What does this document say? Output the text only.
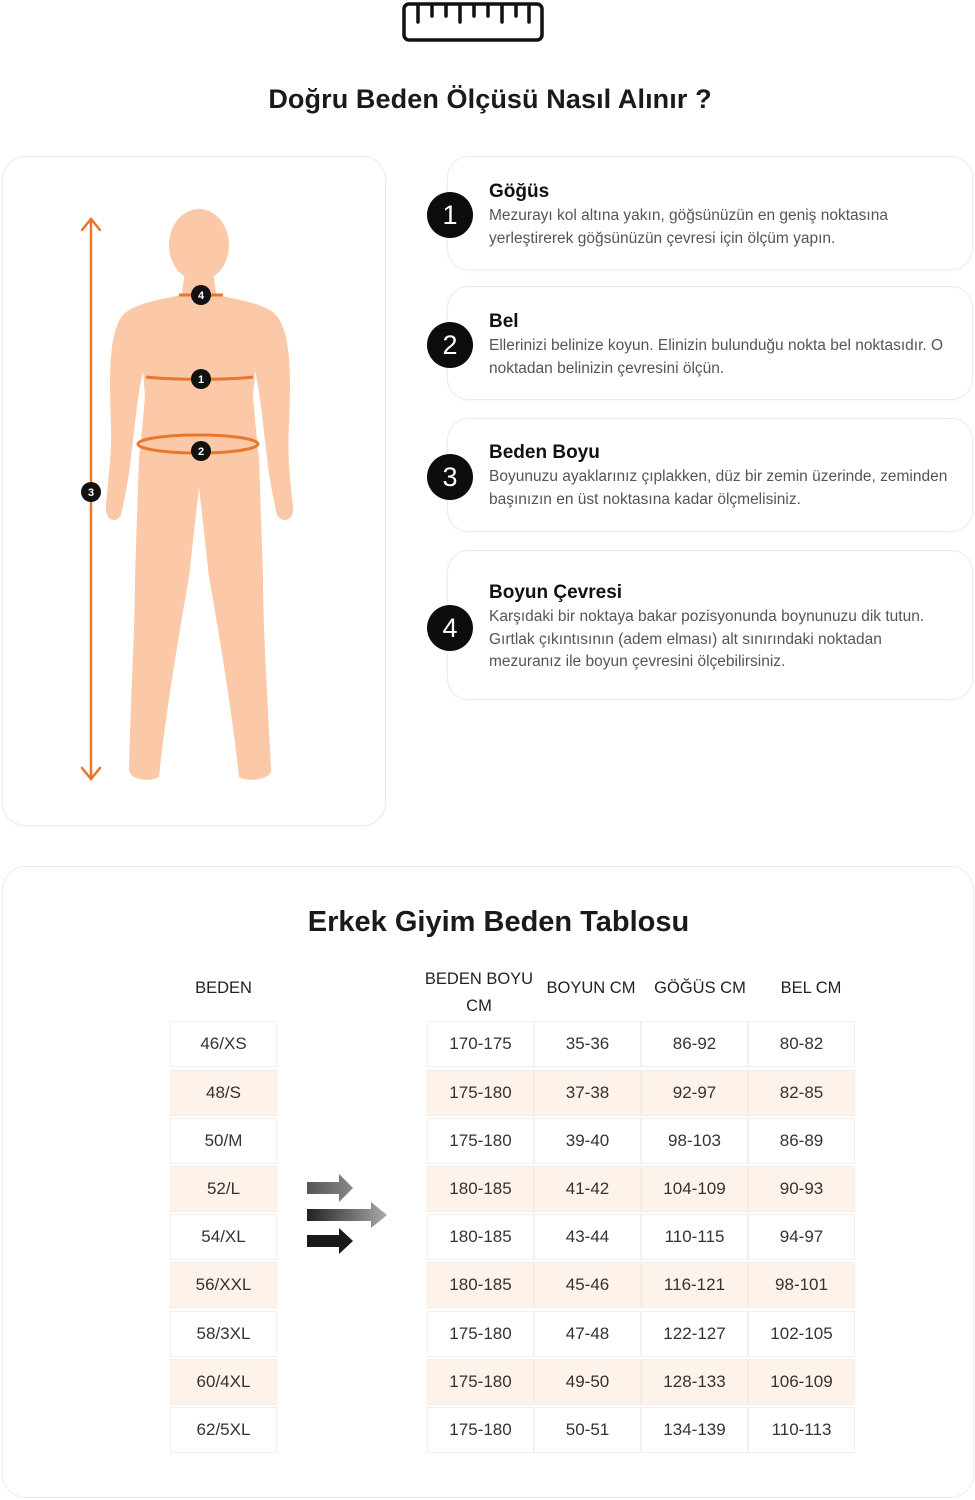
Doğru Beden Ölçüsü Nasıl Alınır ?
4
1
2
3
1
Göğüs
Mezurayı kol altına yakın, göğsünüzün en geniş noktasına yerleştirerek göğsünüzün çevresi için ölçüm yapın.
2
Bel
Ellerinizi belinize koyun. Elinizin bulunduğu nokta bel noktasıdır. O noktadan belinizin çevresini ölçün.
3
Beden Boyu
Boyunuzu ayaklarınız çıplakken, düz bir zemin üzerinde, zeminden başınızın en üst noktasına kadar ölçmelisiniz.
4
Boyun Çevresi
Karşıdaki bir noktaya bakar pozisyonunda boynunuzu dik tutun. Gırtlak çıkıntısının (adem elması) alt sınırındaki noktadan mezuranız ile boyun çevresini ölçebilirsiniz.
Erkek Giyim Beden Tablosu
BEDEN	BEDEN BOYU
CM
BOYUN CM	GÖĞÜS CM	BEL CM
46/XS	170-175	35-36	86-92	80-82
48/S	175-180	37-38	92-97	82-85
50/M	175-180	39-40	98-103	86-89
52/L	180-185	41-42	104-109	90-93
54/XL	180-185	43-44	110-115	94-97
56/XXL	180-185	45-46	116-121	98-101
58/3XL	175-180	47-48	122-127	102-105
60/4XL	175-180	49-50	128-133	106-109
62/5XL	175-180	50-51	134-139	110-113
